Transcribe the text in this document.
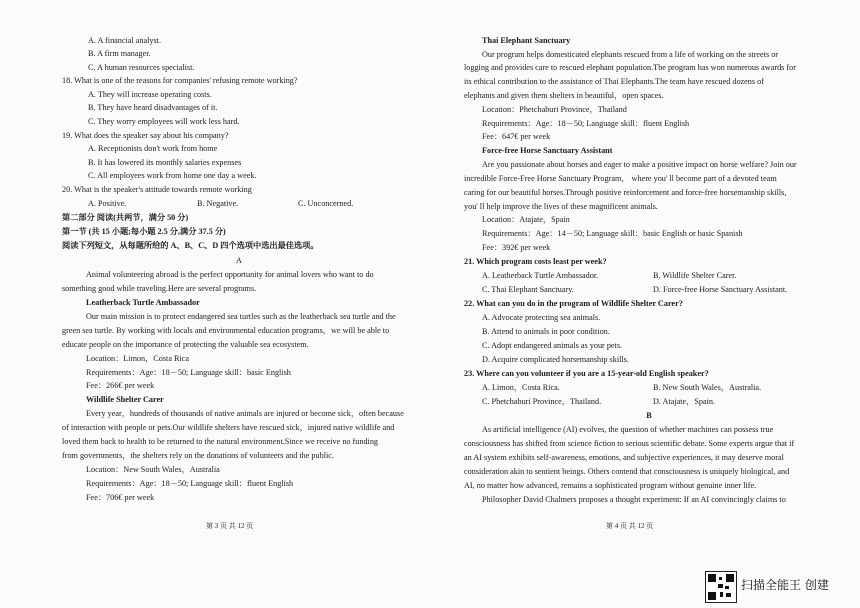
A. A financial analyst.
B. A firm manager.
C. A human resources specialist.
18. What is one of the reasons for companies' refusing remote working?
A. They will increase operating costs.
B. They have heard disadvantages of it.
C. They worry employees will work less hard.
19. What does the speaker say about his company?
A. Receptionists don't work from home
B. It has lowered its monthly salaries expenses
C. All employees work from home one day a week.
20. What is the speaker's attitude towards remote working
A. Positive.	B. Negative.	C. Unconcerned.
第二部分 阅读(共两节，满分 50 分)
第一节 (共 15 小题;每小题 2.5 分,满分 37.5 分)
阅读下列短文，从每题所给的 A、B、C、D 四个选项中选出最佳选项。
A
Animal volunteering abroad is the perfect opportunity for animal lovers who want to do
something good while traveling.Here are several programs.
Leatherback Turtle Ambassador
Our main mission is to protect endangered sea turtles such as the leatherback sea turtle and the
green sea turtle. By working with locals and environmental education programs，we will be able to
educate people on the importance of protecting the valuable sea ecosystem.
Location：Limon，Costa Rica
Requirements：Age：18－50; Language skill：basic English
Fee：266€ per week
Wildlife Shelter Carer
Every year，hundreds of thousands of native animals are injured or become sick，often because
of interaction with people or pets.Our wildlife shelters have rescued sick，injured native wildlife and
loved them back to health to be returned to the natural environment.Since we receive no funding
from governments，the shelters rely on the donations of volunteers and the public.
Location：New South Wales，Australia
Requirements：Age：18－50; Language skill：fluent English
Fee：706€ per week
第 3 页 共 12 页
Thai Elephant Sanctuary
Our program helps domesticated elephants rescued from a life of working on the streets or
logging and provides care to rescued elephant population.The program has won numerous awards for
its ethical contribution to the assistance of Thai Elephants.The team have rescued dozens of
elephants and given them shelters in beautiful，open spaces.
Location：Phetchaburi Province，Thailand
Requirements：Age：18－50; Language skill：fluent English
Fee：647€ per week
Force-free Horse Sanctuary Assistant
Are you passionate about horses and eager to make a positive impact on horse welfare? Join our
incredible Force-Free Horse Sanctuary Program， where you' ll become part of a devoted team
caring for our beautiful horses.Through positive reinforcement and force-free horsemanship skills,
you' ll help improve the lives of these magnificent animals.
Location：Atajate，Spain
Requirements：Age：14－50; Language skill：basic English or basic Spanish
Fee：392€ per week
21. Which program costs least per week?
A. Leatherback Turtle Ambassador.	B. Wildlife Shelter Carer.
C. Thai Elephant Sanctuary.	D. Force-free Horse Sanctuary Assistant.
22. What can you do in the program of Wildlife Shelter Carer?
A. Advocate protecting sea animals.
B. Attend to animals in poor condition.
C. Adopt endangered animals as your pets.
D. Acquire complicated horsemanship skills.
23. Where can you volunteer if you are a 15-year-old English speaker?
A. Limon，Costa Rica.	B. New South Wales，Australia.
C. Phetchaburi Province，Thailand.	D. Atajate，Spain.
B
As artificial intelligence (AI) evolves, the question of whether machines can possess true
consciousness has shifted from science fiction to serious scientific debate. Some experts argue that if
an AI system exhibits self-awareness, emotions, and subjective experiences, it may deserve moral
consideration akin to sentient beings. Others contend that consciousness is uniquely biological, and
AI, no matter how advanced, remains a sophisticated program without genuine inner life.
Philosopher David Chalmers proposes a thought experiment: If an AI convincingly claims to
第 4 页 共 12 页
扫描全能王 创建
